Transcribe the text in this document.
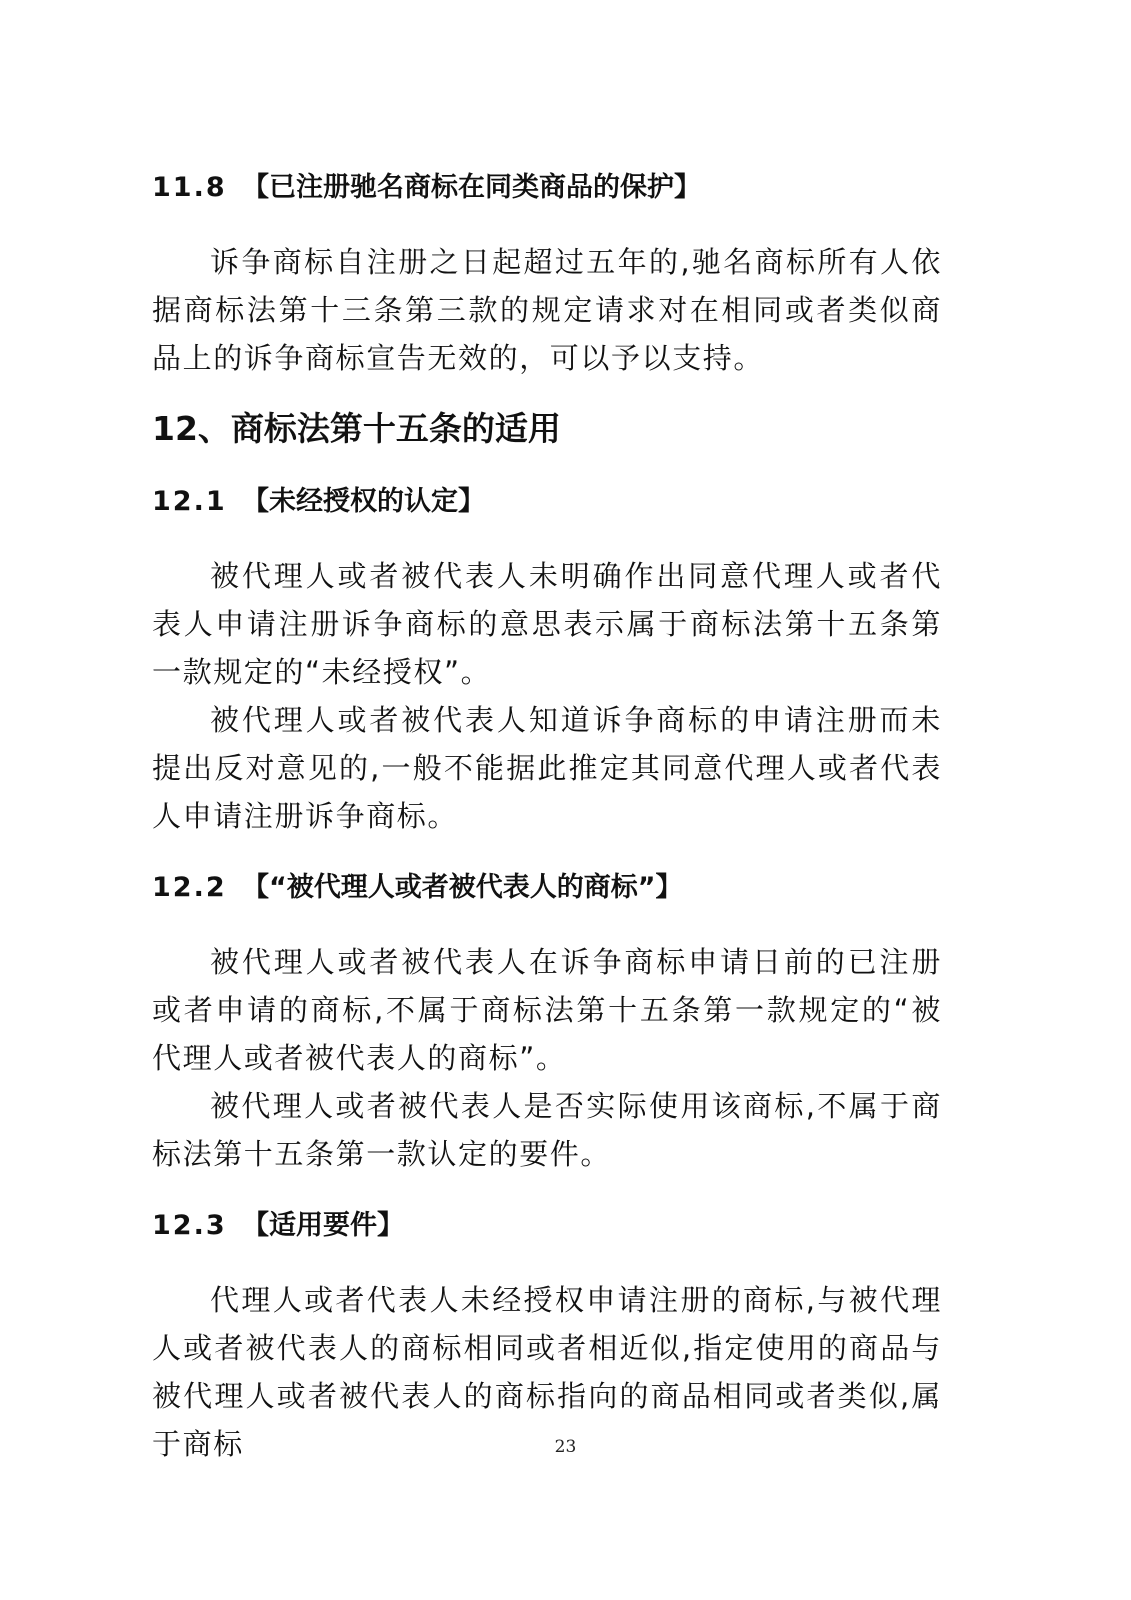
11.8 【已注册驰名商标在同类商品的保护】
诉争商标自注册之日起超过五年的,驰名商标所有人依据商标法第十三条第三款的规定请求对在相同或者类似商品上的诉争商标宣告无效的，可以予以支持。
12、商标法第十五条的适用
12.1 【未经授权的认定】
被代理人或者被代表人未明确作出同意代理人或者代表人申请注册诉争商标的意思表示属于商标法第十五条第一款规定的“未经授权”。
被代理人或者被代表人知道诉争商标的申请注册而未提出反对意见的,一般不能据此推定其同意代理人或者代表人申请注册诉争商标。
12.2 【“被代理人或者被代表人的商标”】
被代理人或者被代表人在诉争商标申请日前的已注册或者申请的商标,不属于商标法第十五条第一款规定的“被代理人或者被代表人的商标”。
被代理人或者被代表人是否实际使用该商标,不属于商标法第十五条第一款认定的要件。
12.3 【适用要件】
代理人或者代表人未经授权申请注册的商标,与被代理人或者被代表人的商标相同或者相近似,指定使用的商品与被代理人或者被代表人的商标指向的商品相同或者类似,属于商标	23
